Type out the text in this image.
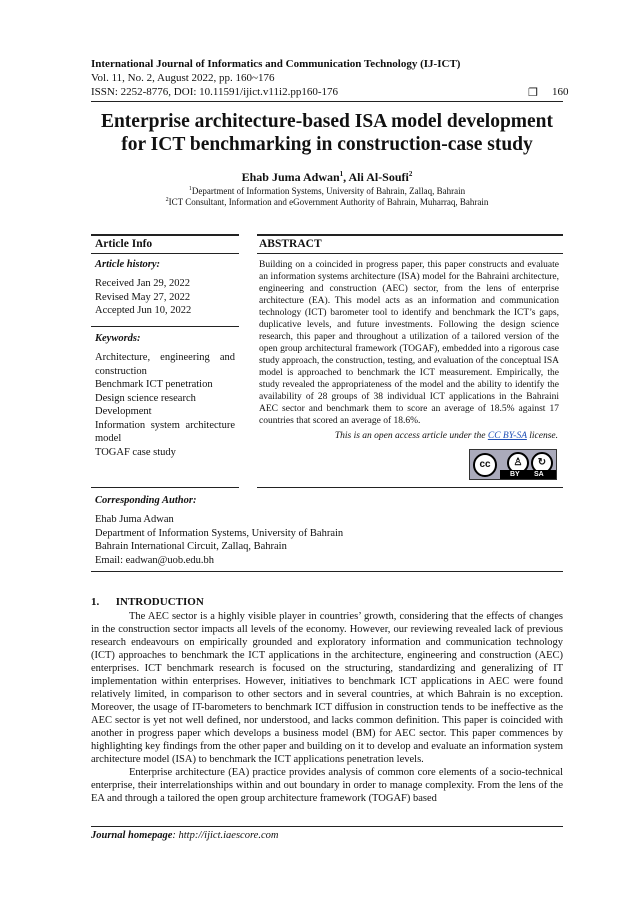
International Journal of Informatics and Communication Technology (IJ-ICT)
Vol. 11, No. 2, August 2022, pp. 160~176
ISSN: 2252-8776, DOI: 10.11591/ijict.v11i2.pp160-176	❐ 160
Enterprise architecture-based ISA model development for ICT benchmarking in construction-case study
Ehab Juma Adwan$^1$, Ali Al-Soufi$^2$
$^1$Department of Information Systems, University of Bahrain, Zallaq, Bahrain
$^2$ICT Consultant, Information and eGovernment Authority of Bahrain, Muharraq, Bahrain
Article Info
Article history:
Received Jan 29, 2022
Revised May 27, 2022
Accepted Jun 10, 2022
Keywords:
Architecture, engineering and construction
Benchmark ICT penetration
Design science research
Development
Information system architecture model
TOGAF case study
ABSTRACT
Building on a coincided in progress paper, this paper constructs and evaluate an information systems architecture (ISA) model for the Bahraini architecture, engineering and construction (AEC) sector, from the lens of enterprise architecture (EA). This model acts as an information and communication technology (ICT) barometer tool to identify and benchmark the ICT’s gaps, duplicative levels, and future investments. Following the design science research, this paper and throughout a utilization of a tailored version of the open group architectural framework (TOGAF), embedded into a rigorous case study approach, the construction, testing, and evaluation of the conceptual ISA model is approached to benchmark the ICT measurement. Empirically, the study revealed the appropriateness of the model and the ability to identify the availability of 28 groups of 38 individual ICT applications in the Bahraini AEC sector and benchmark them to score an average of 18.5% against 17 countries that scored an average of 18.6%.
This is an open access article under the CC BY-SA license.
cc	♙	↻
BY SA
Corresponding Author:
Ehab Juma Adwan
Department of Information Systems, University of Bahrain
Bahrain International Circuit, Zallaq, Bahrain
Email: eadwan@uob.edu.bh
1.      INTRODUCTION
The AEC sector is a highly visible player in countries’ growth, considering that the effects of changes in the construction sector impacts all levels of the economy. However, our reviewing revealed lack of previous research endeavours on empirically grounded and exploratory information and communication technology (ICT) approaches to benchmark the ICT applications in the architecture, engineering and construction (AEC) enterprises. ICT benchmark research is focused on the structuring, standardizing and generalizing of IT implementation within enterprises. However, initiatives to benchmark ICT applications in AEC were found relatively limited, in comparison to other sectors and in several countries, at which Bahrain is no exception. Moreover, the usage of IT-barometers to benchmark ICT diffusion in construction tends to be ineffective as the AEC sector is yet not well defined, nor understood, and lacks common definition. This paper is coincided with another in progress paper which develops a business model (BM) for AEC sector. This paper commences by highlighting key findings from the other paper and building on it to develop and evaluate an information system architecture model (ISA) to benchmark the ICT applications penetration levels.
Enterprise architecture (EA) practice provides analysis of common core elements of a socio-technical enterprise, their interrelationships within and out boundary in order to manage complexity. From the lens of the EA and through a tailored the open group architecture framework (TOGAF) based
Journal homepage: http://ijict.iaescore.com
